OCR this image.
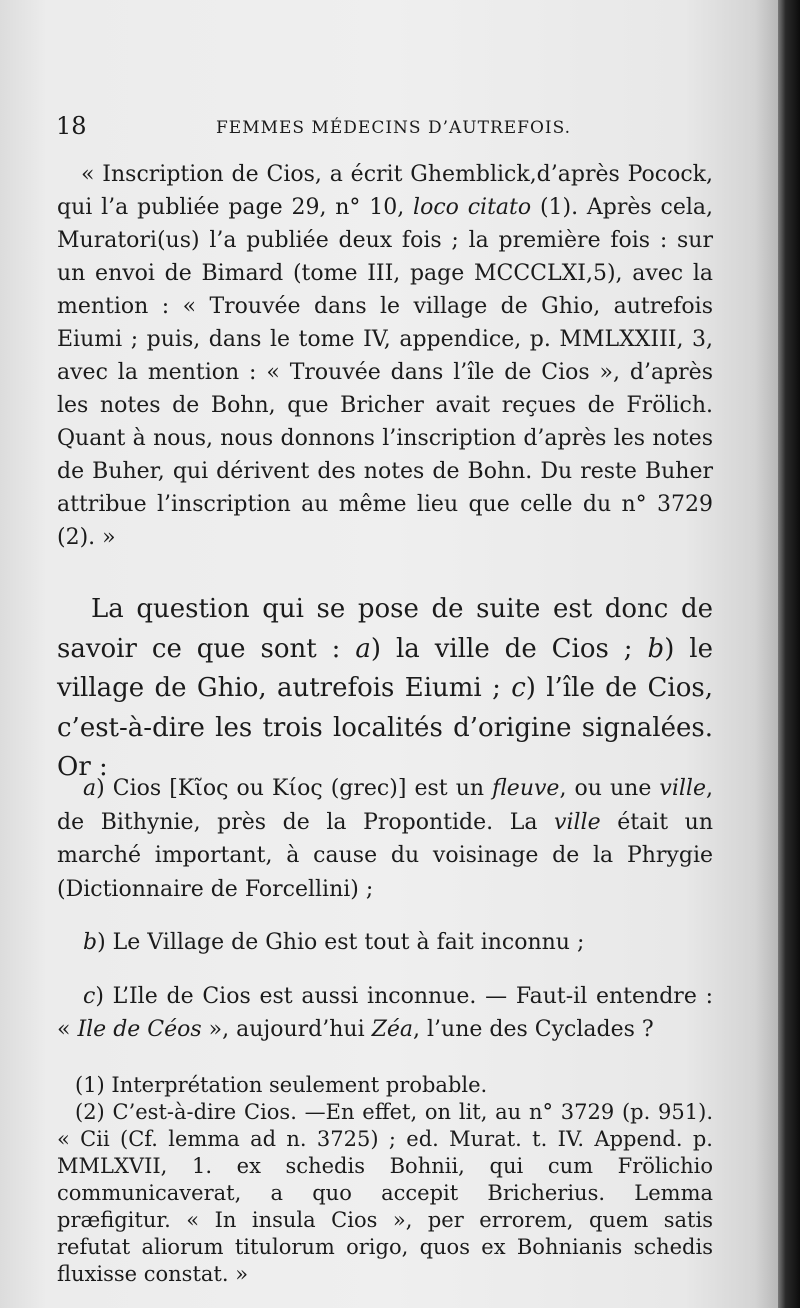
18	FEMMES MÉDECINS D’AUTREFOIS.

« Inscription de Cios, a écrit Ghemblick,d’après Pocock, qui l’a publiée page 29, n° 10, loco citato (1). Après cela, Muratori(us) l’a publiée deux fois ; la première fois : sur un envoi de Bimard (tome III, page MCCCLXI,5), avec la mention : « Trouvée dans le village de Ghio, autrefois Eiumi ; puis, dans le tome IV, appendice, p. MMLXXIII, 3, avec la mention : « Trouvée dans l’île de Cios », d’après les notes de Bohn, que Bricher avait reçues de Frölich. Quant à nous, nous donnons l’inscription d’après les notes de Buher, qui dérivent des notes de Bohn. Du reste Buher attribue l’inscription au même lieu que celle du n° 3729 (2). »

La question qui se pose de suite est donc de savoir ce que sont : a) la ville de Cios ; b) le village de Ghio, autrefois Eiumi ; c) l’île de Cios, c’est-à-dire les trois localités d’origine signalées. Or :

a) Cios [Κῖος ou Κίος (grec)] est un fleuve, ou une ville, de Bithynie, près de la Propontide. La ville était un marché important, à cause du voisinage de la Phrygie (Dictionnaire de Forcellini) ;

b) Le Village de Ghio est tout à fait inconnu ;

c) L’Ile de Cios est aussi inconnue. — Faut-il entendre : « Ile de Céos », aujourd’hui Zéa, l’une des Cyclades ?

(1) Interprétation seulement probable.

(2) C’est-à-dire Cios. —En effet, on lit, au n° 3729 (p. 951). « Cii (Cf. lemma ad n. 3725) ; ed. Murat. t. IV. Append. p. MMLXVII, 1. ex schedis Bohnii, qui cum Frölichio communicaverat, a quo accepit Bricherius. Lemma præfigitur. « In insula Cios », per errorem, quem satis refutat aliorum titulorum origo, quos ex Bohnianis schedis fluxisse constat. »
